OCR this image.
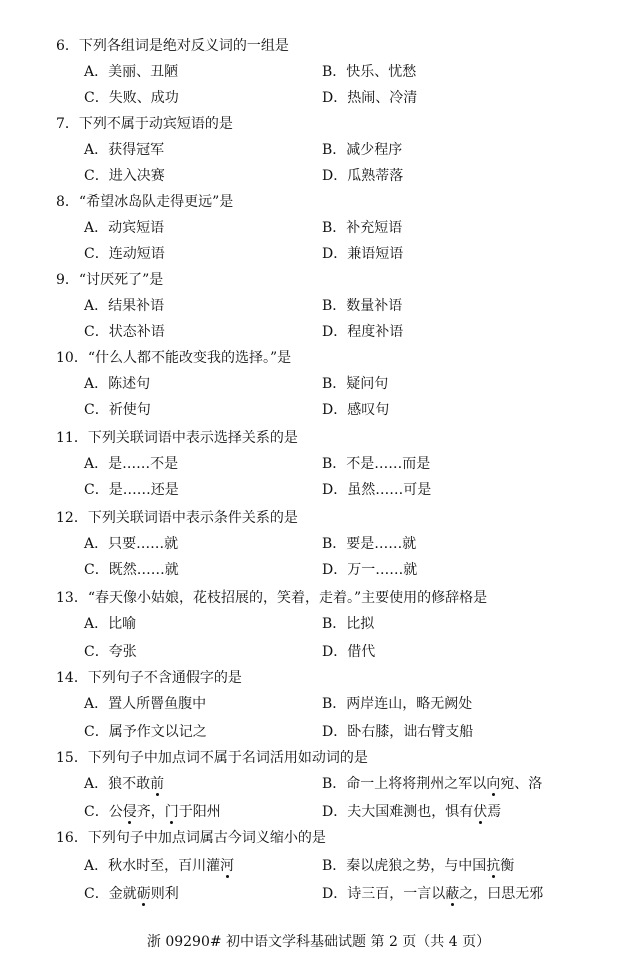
6．下列各组词是绝对反义词的一组是
A．美丽、丑陋	B．快乐、忧愁
C．失败、成功	D．热闹、冷清
7．下列不属于动宾短语的是
A．获得冠军	B．减少程序
C．进入决赛	D．瓜熟蒂落
8．“希望冰岛队走得更远”是
A．动宾短语	B．补充短语
C．连动短语	D．兼语短语
9．“讨厌死了”是
A．结果补语	B．数量补语
C．状态补语	D．程度补语
10．“什么人都不能改变我的选择。”是
A．陈述句	B．疑问句
C．祈使句	D．感叹句
11．下列关联词语中表示选择关系的是
A．是……不是	B．不是……而是
C．是……还是	D．虽然……可是
12．下列关联词语中表示条件关系的是
A．只要……就	B．要是……就
C．既然……就	D．万一……就
13．“春天像小姑娘，花枝招展的，笑着，走着。”主要使用的修辞格是
A．比喻	B．比拟
C．夸张	D．借代
14．下列句子不含通假字的是
A．置人所罾鱼腹中	B．两岸连山，略无阙处
C．属予作文以记之	D．卧右膝，诎右臂支船
15．下列句子中加点词不属于名词活用如动词的是
A．狼不敢前	B．命一上将将荆州之军以向宛、洛
C．公侵齐，门于阳州	D．夫大国难测也，惧有伏焉
16．下列句子中加点词属古今词义缩小的是
A．秋水时至，百川灌河	B．秦以虎狼之势，与中国抗衡
C．金就砺则利	D．诗三百，一言以蔽之，曰思无邪
浙 09290# 初中语文学科基础试题 第 2 页（共 4 页）
